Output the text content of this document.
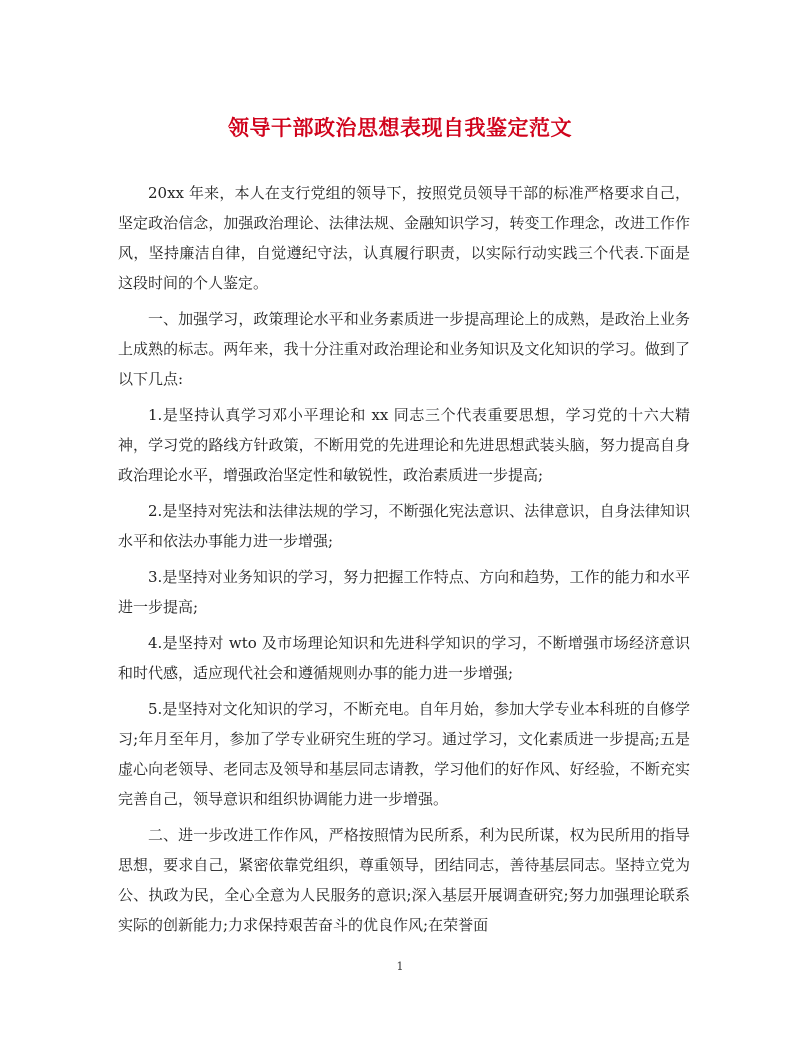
领导干部政治思想表现自我鉴定范文

20xx 年来，本人在支行党组的领导下，按照党员领导干部的标准严格要求自己，坚定政治信念，加强政治理论、法律法规、金融知识学习，转变工作理念，改进工作作风，坚持廉洁自律，自觉遵纪守法，认真履行职责，以实际行动实践三个代表.下面是这段时间的个人鉴定。

一、加强学习，政策理论水平和业务素质进一步提高理论上的成熟，是政治上业务上成熟的标志。两年来，我十分注重对政治理论和业务知识及文化知识的学习。做到了以下几点:

1.是坚持认真学习邓小平理论和 xx 同志三个代表重要思想，学习党的十六大精神，学习党的路线方针政策，不断用党的先进理论和先进思想武装头脑，努力提高自身政治理论水平，增强政治坚定性和敏锐性，政治素质进一步提高;

2.是坚持对宪法和法律法规的学习，不断强化宪法意识、法律意识，自身法律知识水平和依法办事能力进一步增强;

3.是坚持对业务知识的学习，努力把握工作特点、方向和趋势，工作的能力和水平进一步提高;

4.是坚持对 wto 及市场理论知识和先进科学知识的学习，不断增强市场经济意识和时代感，适应现代社会和遵循规则办事的能力进一步增强;

5.是坚持对文化知识的学习，不断充电。自年月始，参加大学专业本科班的自修学习;年月至年月，参加了学专业研究生班的学习。通过学习，文化素质进一步提高;五是虚心向老领导、老同志及领导和基层同志请教，学习他们的好作风、好经验，不断充实完善自己，领导意识和组织协调能力进一步增强。

二、进一步改进工作作风，严格按照情为民所系，利为民所谋，权为民所用的指导思想，要求自己，紧密依靠党组织，尊重领导，团结同志，善待基层同志。坚持立党为公、执政为民，全心全意为人民服务的意识;深入基层开展调查研究;努力加强理论联系实际的创新能力;力求保持艰苦奋斗的优良作风;在荣誉面

1
